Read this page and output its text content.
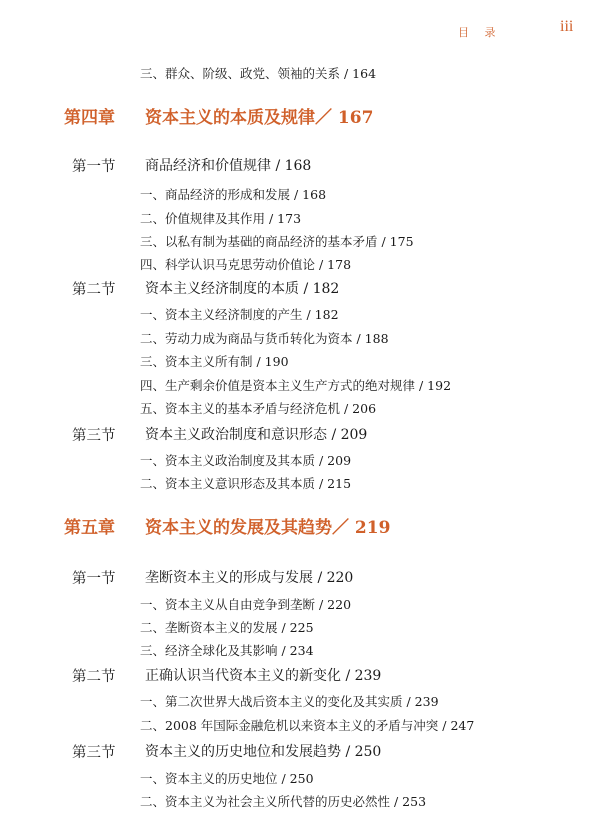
目 录	iii
三、群众、阶级、政党、领袖的关系 / 164
第四章 资本主义的本质及规律／ 167
第一节 商品经济和价值规律 / 168
一、商品经济的形成和发展 / 168
二、价值规律及其作用 / 173
三、以私有制为基础的商品经济的基本矛盾 / 175
四、科学认识马克思劳动价值论 / 178
第二节 资本主义经济制度的本质 / 182
一、资本主义经济制度的产生 / 182
二、劳动力成为商品与货币转化为资本 / 188
三、资本主义所有制 / 190
四、生产剩余价值是资本主义生产方式的绝对规律 / 192
五、资本主义的基本矛盾与经济危机 / 206
第三节 资本主义政治制度和意识形态 / 209
一、资本主义政治制度及其本质 / 209
二、资本主义意识形态及其本质 / 215
第五章 资本主义的发展及其趋势／ 219
第一节 垄断资本主义的形成与发展 / 220
一、资本主义从自由竞争到垄断 / 220
二、垄断资本主义的发展 / 225
三、经济全球化及其影响 / 234
第二节 正确认识当代资本主义的新变化 / 239
一、第二次世界大战后资本主义的变化及其实质 / 239
二、2008 年国际金融危机以来资本主义的矛盾与冲突 / 247
第三节 资本主义的历史地位和发展趋势 / 250
一、资本主义的历史地位 / 250
二、资本主义为社会主义所代替的历史必然性 / 253
